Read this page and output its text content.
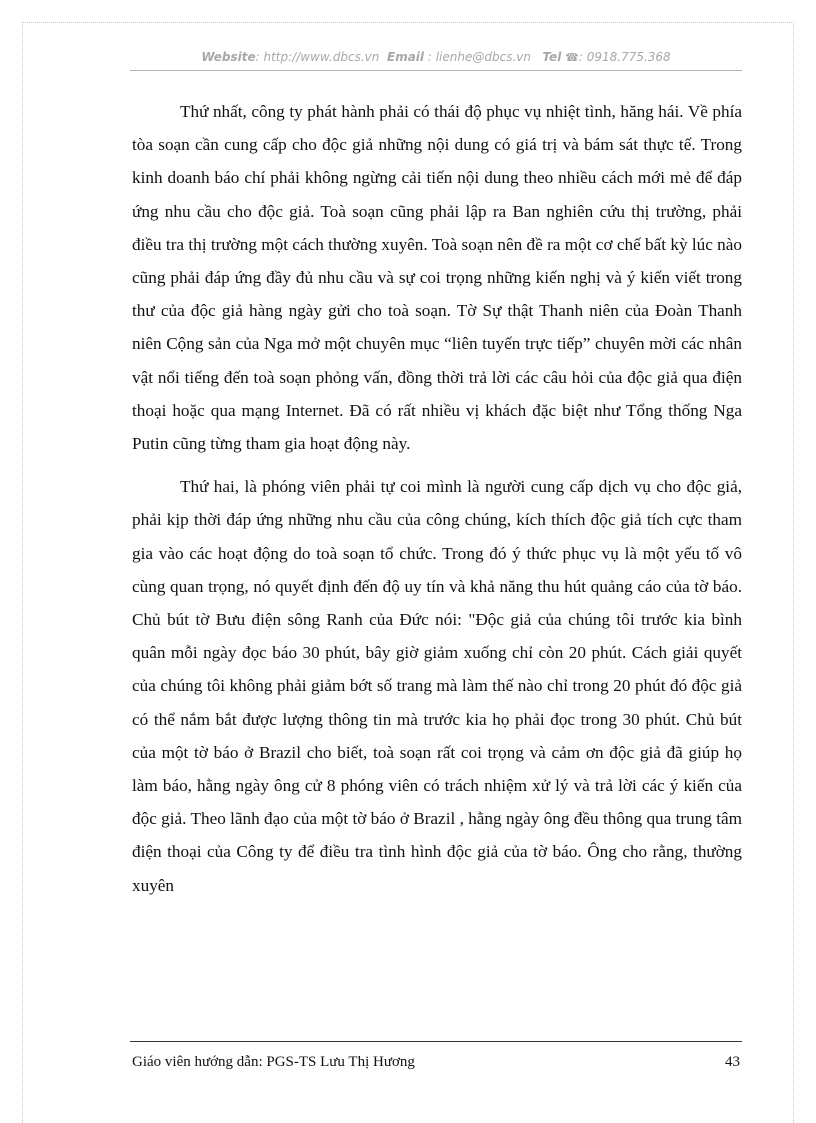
Website: http://www.dbcs.vn Email : lienhe@dbcs.vn Tel ☎: 0918.775.368

Thứ nhất, công ty phát hành phải có thái độ phục vụ nhiệt tình, hăng hái. Về phía tòa soạn cần cung cấp cho độc giả những nội dung có giá trị và bám sát thực tế. Trong kinh doanh báo chí phải không ngừng cải tiến nội dung theo nhiều cách mới mẻ để đáp ứng nhu cầu cho độc giả. Toà soạn cũng phải lập ra Ban nghiên cứu thị trường, phải điều tra thị trường một cách thường xuyên. Toà soạn nên đề ra một cơ chế bất kỳ lúc nào cũng phải đáp ứng đầy đủ nhu cầu và sự coi trọng những kiến nghị và ý kiến viết trong thư của độc giả hàng ngày gửi cho toà soạn. Tờ Sự thật Thanh niên của Đoàn Thanh niên Cộng sản của Nga mở một chuyên mục “liên tuyến trực tiếp” chuyên mời các nhân vật nổi tiếng đến toà soạn phỏng vấn, đồng thời trả lời các câu hỏi của độc giả qua điện thoại hoặc qua mạng Internet. Đã có rất nhiều vị khách đặc biệt như Tổng thống Nga Putin cũng từng tham gia hoạt động này.

Thứ hai, là phóng viên phải tự coi mình là người cung cấp dịch vụ cho độc giả, phải kịp thời đáp ứng những nhu cầu của công chúng, kích thích độc giả tích cực tham gia vào các hoạt động do toà soạn tổ chức. Trong đó ý thức phục vụ là một yếu tố vô cùng quan trọng, nó quyết định đến độ uy tín và khả năng thu hút quảng cáo của tờ báo. Chủ bút tờ Bưu điện sông Ranh của Đức nói: "Độc giả của chúng tôi trước kia bình quân mỗi ngày đọc báo 30 phút, bây giờ giảm xuống chỉ còn 20 phút. Cách giải quyết của chúng tôi không phải giảm bớt số trang mà làm thế nào chỉ trong 20 phút đó độc giả có thể nắm bắt được lượng thông tin mà trước kia họ phải đọc trong 30 phút. Chủ bút của một tờ báo ở Brazil cho biết, toà soạn rất coi trọng và cảm ơn độc giả đã giúp họ làm báo, hằng ngày ông cử 8 phóng viên có trách nhiệm xử lý và trả lời các ý kiến của độc giả. Theo lãnh đạo của một tờ báo ở Brazil , hằng ngày ông đều thông qua trung tâm điện thoại của Công ty để điều tra tình hình độc giả của tờ báo. Ông cho rằng, thường xuyên

Giáo viên hướng dẫn: PGS-TS Lưu Thị Hương	43
